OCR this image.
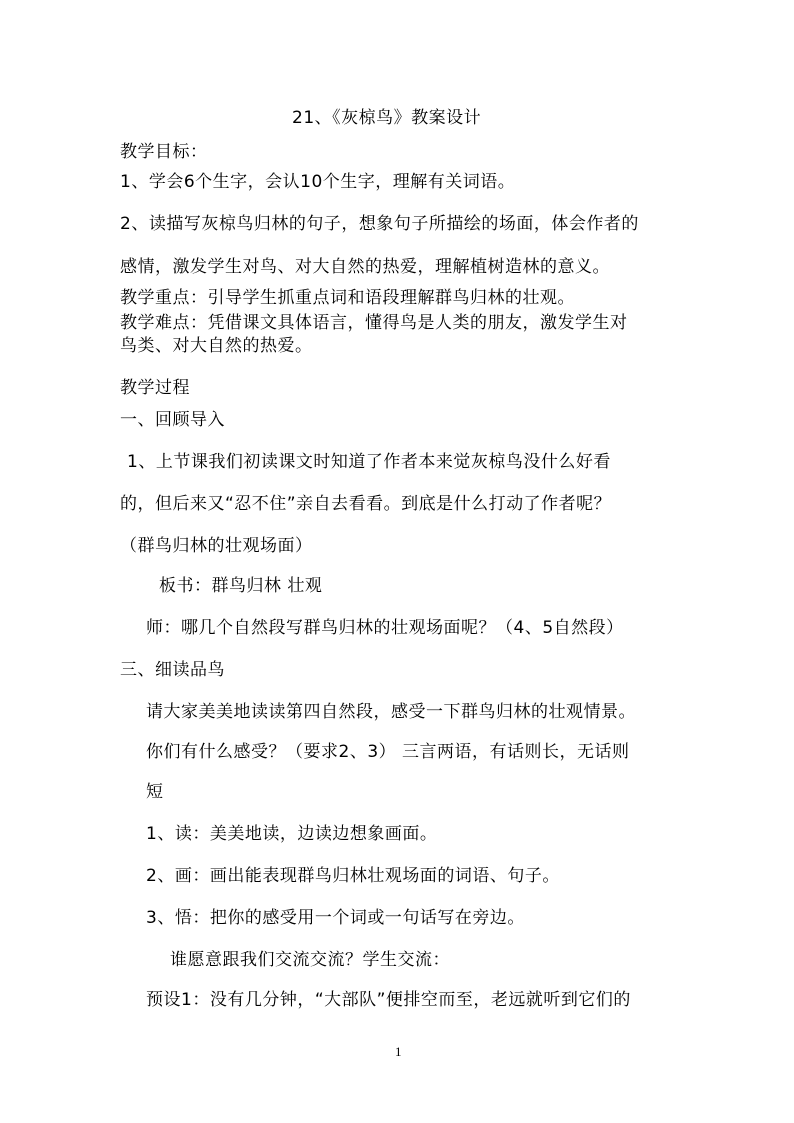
21、《灰椋鸟》教案设计
教学目标：
1、学会6个生字，会认10个生字，理解有关词语。
2、读描写灰椋鸟归林的句子，想象句子所描绘的场面，体会作者的
感情，激发学生对鸟、对大自然的热爱，理解植树造林的意义。
教学重点：引导学生抓重点词和语段理解群鸟归林的壮观。
教学难点：凭借课文具体语言，懂得鸟是人类的朋友，激发学生对
鸟类、对大自然的热爱。
教学过程
一、回顾导入
1、上节课我们初读课文时知道了作者本来觉灰椋鸟没什么好看
的，但后来又“忍不住”亲自去看看。到底是什么打动了作者呢？
（群鸟归林的壮观场面）
板书：群鸟归林 壮观
师：哪几个自然段写群鸟归林的壮观场面呢？（4、5自然段）
三、细读品鸟
请大家美美地读读第四自然段，感受一下群鸟归林的壮观情景。
你们有什么感受？（要求2、3） 三言两语，有话则长，无话则
短
1、读：美美地读，边读边想象画面。
2、画：画出能表现群鸟归林壮观场面的词语、句子。
3、悟：把你的感受用一个词或一句话写在旁边。
谁愿意跟我们交流交流？学生交流：
预设1：没有几分钟，“大部队”便排空而至，老远就听到它们的
1
